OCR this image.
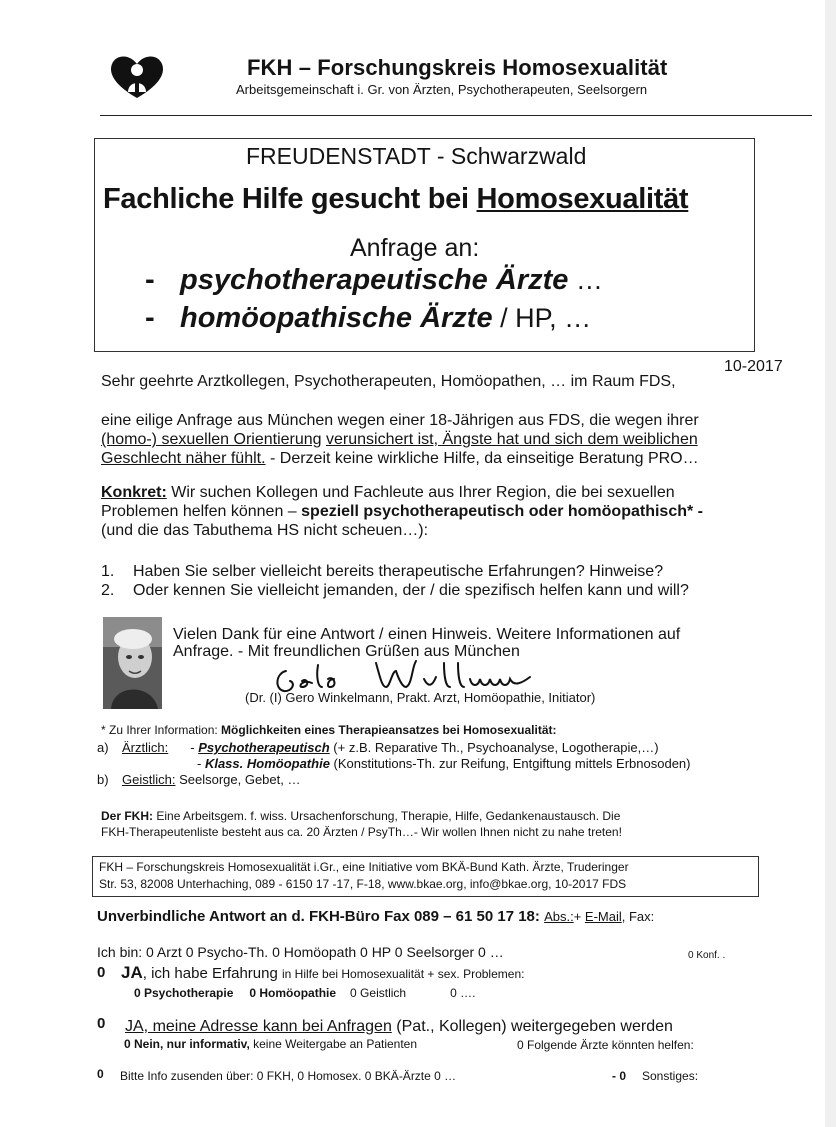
FKH – Forschungskreis Homosexualität
Arbeitsgemeinschaft i. Gr. von Ärzten, Psychotherapeuten, Seelsorgern
FREUDENSTADT - Schwarzwald
Fachliche Hilfe gesucht bei Homosexualität
Anfrage an:
- psychotherapeutische Ärzte …
- homöopathische Ärzte / HP, …
10-2017
Sehr geehrte Arztkollegen, Psychotherapeuten, Homöopathen, … im Raum FDS,
eine eilige Anfrage aus München wegen einer 18-Jährigen aus FDS, die wegen ihrer
(homo-) sexuellen Orientierung verunsichert ist, Ängste hat und sich dem weiblichen
Geschlecht näher fühlt. - Derzeit keine wirkliche Hilfe, da einseitige Beratung PRO…
Konkret: Wir suchen Kollegen und Fachleute aus Ihrer Region, die bei sexuellen
Problemen helfen können – speziell psychotherapeutisch oder homöopathisch* -
(und die das Tabuthema HS nicht scheuen…):
1. Haben Sie selber vielleicht bereits therapeutische Erfahrungen? Hinweise?
2. Oder kennen Sie vielleicht jemanden, der / die spezifisch helfen kann und will?
Vielen Dank für eine Antwort / einen Hinweis. Weitere Informationen auf
Anfrage. - Mit freundlichen Grüßen aus München
(Dr. (I) Gero Winkelmann, Prakt. Arzt, Homöopathie, Initiator)
* Zu Ihrer Information: Möglichkeiten eines Therapieansatzes bei Homosexualität:
a) Ärztlich: - Psychotherapeutisch (+ z.B. Reparative Th., Psychoanalyse, Logotherapie,…)
- Klass. Homöopathie (Konstitutions-Th. zur Reifung, Entgiftung mittels Erbnosoden)
b) Geistlich: Seelsorge, Gebet, …
Der FKH: Eine Arbeitsgem. f. wiss. Ursachenforschung, Therapie, Hilfe, Gedankenaustausch. Die
FKH-Therapeutenliste besteht aus ca. 20 Ärzten / PsyTh…- Wir wollen Ihnen nicht zu nahe treten!
FKH – Forschungskreis Homosexualität i.Gr., eine Initiative vom BKÄ-Bund Kath. Ärzte, Truderinger
Str. 53, 82008 Unterhaching, 089 - 6150 17 -17, F-18, www.bkae.org, info@bkae.org, 10-2017 FDS
Unverbindliche Antwort an d. FKH-Büro Fax 089 – 61 50 17 18: Abs.:+ E-Mail, Fax:
Ich bin: 0 Arzt 0 Psycho-Th. 0 Homöopath 0 HP 0 Seelsorger 0 …	0 Konf. .
0 JA, ich habe Erfahrung in Hilfe bei Homosexualität + sex. Problemen:
0 Psychotherapie 0 Homöopathie 0 Geistlich	0 ….
0 JA, meine Adresse kann bei Anfragen (Pat., Kollegen) weitergegeben werden
0 Nein, nur informativ, keine Weitergabe an Patienten	0 Folgende Ärzte könnten helfen:
0 Bitte Info zusenden über: 0 FKH, 0 Homosex. 0 BKÄ-Ärzte 0 …	- 0 Sonstiges:
